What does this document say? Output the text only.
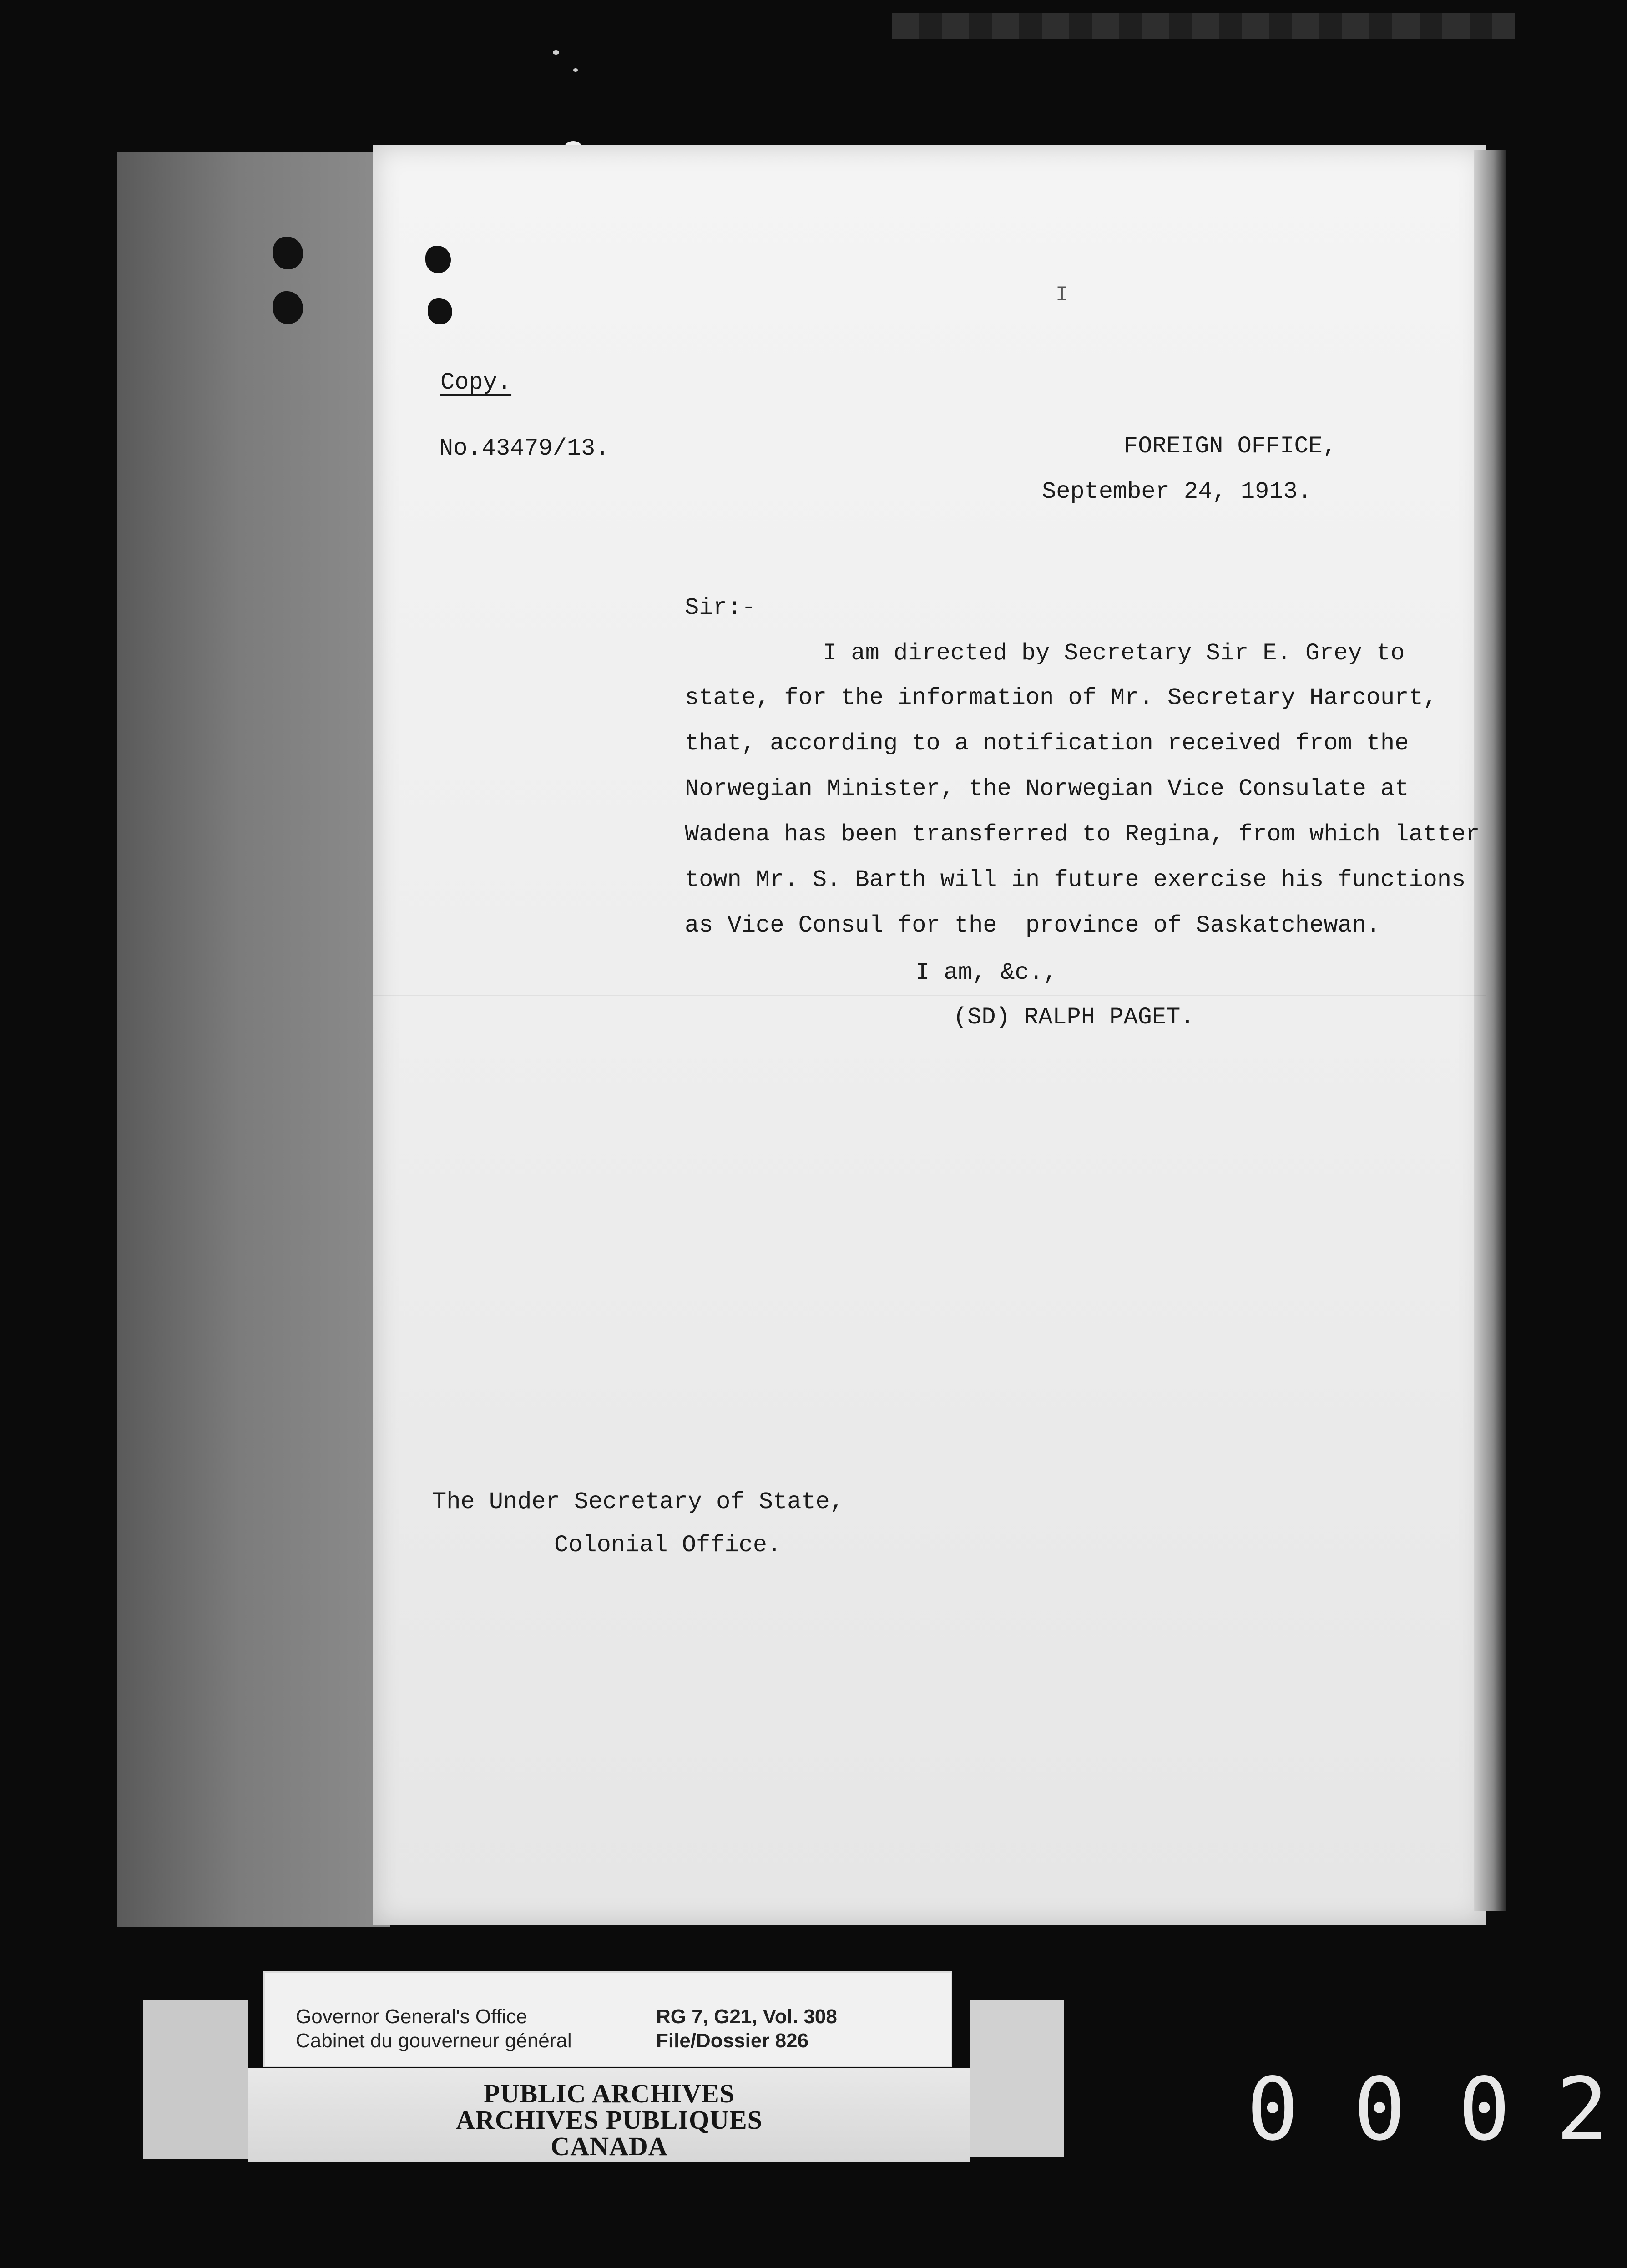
I
Copy.
No.43479/13.	FOREIGN OFFICE,
September 24, 1913.
Sir:-
I am directed by Secretary Sir E. Grey to
state, for the information of Mr. Secretary Harcourt,
that, according to a notification received from the
Norwegian Minister, the Norwegian Vice Consulate at
Wadena has been transferred to Regina, from which latter
town Mr. S. Barth will in future exercise his functions
as Vice Consul for the  province of Saskatchewan.
I am, &c.,
(SD) RALPH PAGET.
The Under Secretary of State,
Colonial Office.
Governor General's Office
Cabinet du gouverneur général
RG 7, G21, Vol. 308
File/Dossier 826
PUBLIC ARCHIVES
ARCHIVES PUBLIQUES
CANADA	0 0 0 2
